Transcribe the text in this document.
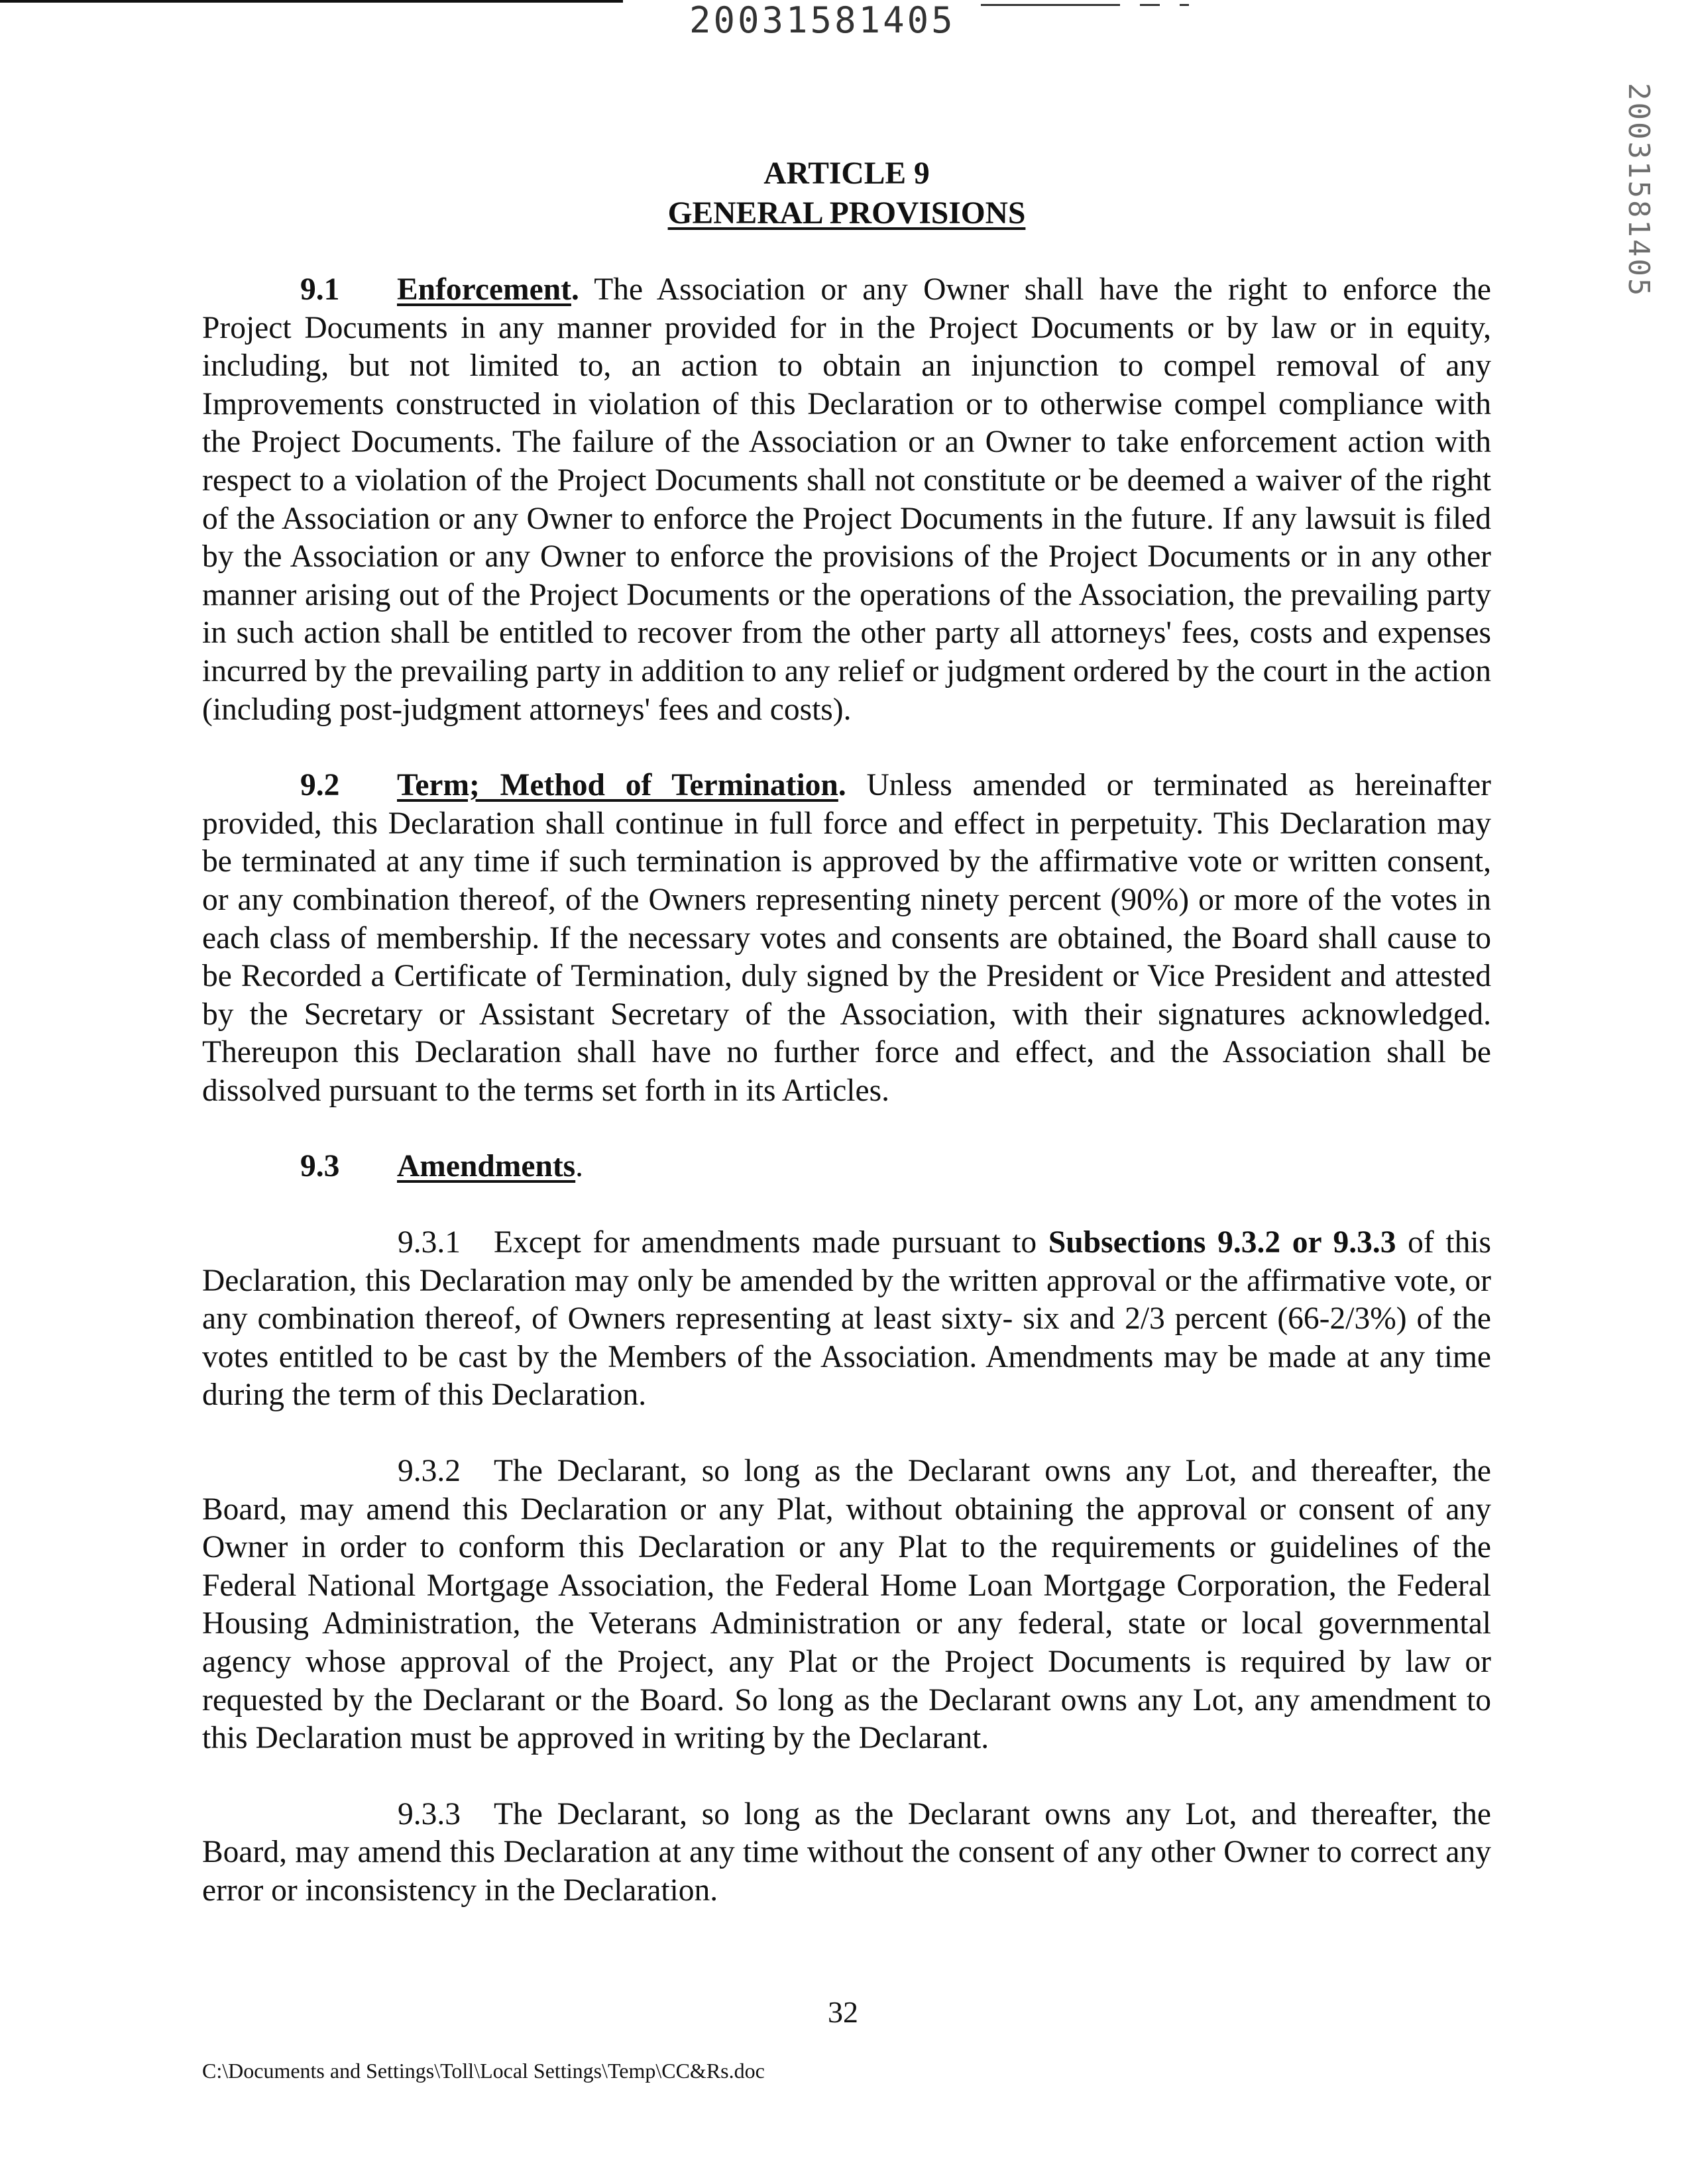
20031581405
20031581405

ARTICLE 9

GENERAL PROVISIONS

9.1 Enforcement. The Association or any Owner shall have the right to enforce the Project Documents in any manner provided for in the Project Documents or by law or in equity, including, but not limited to, an action to obtain an injunction to compel removal of any Improvements constructed in violation of this Declaration or to otherwise compel compliance with the Project Documents. The failure of the Association or an Owner to take enforcement action with respect to a violation of the Project Documents shall not constitute or be deemed a waiver of the right of the Association or any Owner to enforce the Project Documents in the future. If any lawsuit is filed by the Association or any Owner to enforce the provisions of the Project Documents or in any other manner arising out of the Project Documents or the operations of the Association, the prevailing party in such action shall be entitled to recover from the other party all attorneys' fees, costs and expenses incurred by the prevailing party in addition to any relief or judgment ordered by the court in the action (including post-judgment attorneys' fees and costs).

9.2 Term; Method of Termination. Unless amended or terminated as hereinafter provided, this Declaration shall continue in full force and effect in perpetuity. This Declaration may be terminated at any time if such termination is approved by the affirmative vote or written consent, or any combination thereof, of the Owners representing ninety percent (90%) or more of the votes in each class of membership. If the necessary votes and consents are obtained, the Board shall cause to be Recorded a Certificate of Termination, duly signed by the President or Vice President and attested by the Secretary or Assistant Secretary of the Association, with their signatures acknowledged. Thereupon this Declaration shall have no further force and effect, and the Association shall be dissolved pursuant to the terms set forth in its Articles.

9.3 Amendments.

9.3.1 Except for amendments made pursuant to Subsections 9.3.2 or 9.3.3 of this Declaration, this Declaration may only be amended by the written approval or the affirmative vote, or any combination thereof, of Owners representing at least sixty- six and 2/3 percent (66-2/3%) of the votes entitled to be cast by the Members of the Association. Amendments may be made at any time during the term of this Declaration.

9.3.2 The Declarant, so long as the Declarant owns any Lot, and thereafter, the Board, may amend this Declaration or any Plat, without obtaining the approval or consent of any Owner in order to conform this Declaration or any Plat to the requirements or guidelines of the Federal National Mortgage Association, the Federal Home Loan Mortgage Corporation, the Federal Housing Administration, the Veterans Administration or any federal, state or local governmental agency whose approval of the Project, any Plat or the Project Documents is required by law or requested by the Declarant or the Board. So long as the Declarant owns any Lot, any amendment to this Declaration must be approved in writing by the Declarant.

9.3.3 The Declarant, so long as the Declarant owns any Lot, and thereafter, the Board, may amend this Declaration at any time without the consent of any other Owner to correct any error or inconsistency in the Declaration.

32
C:\Documents and Settings\Toll\Local Settings\Temp\CC&Rs.doc
